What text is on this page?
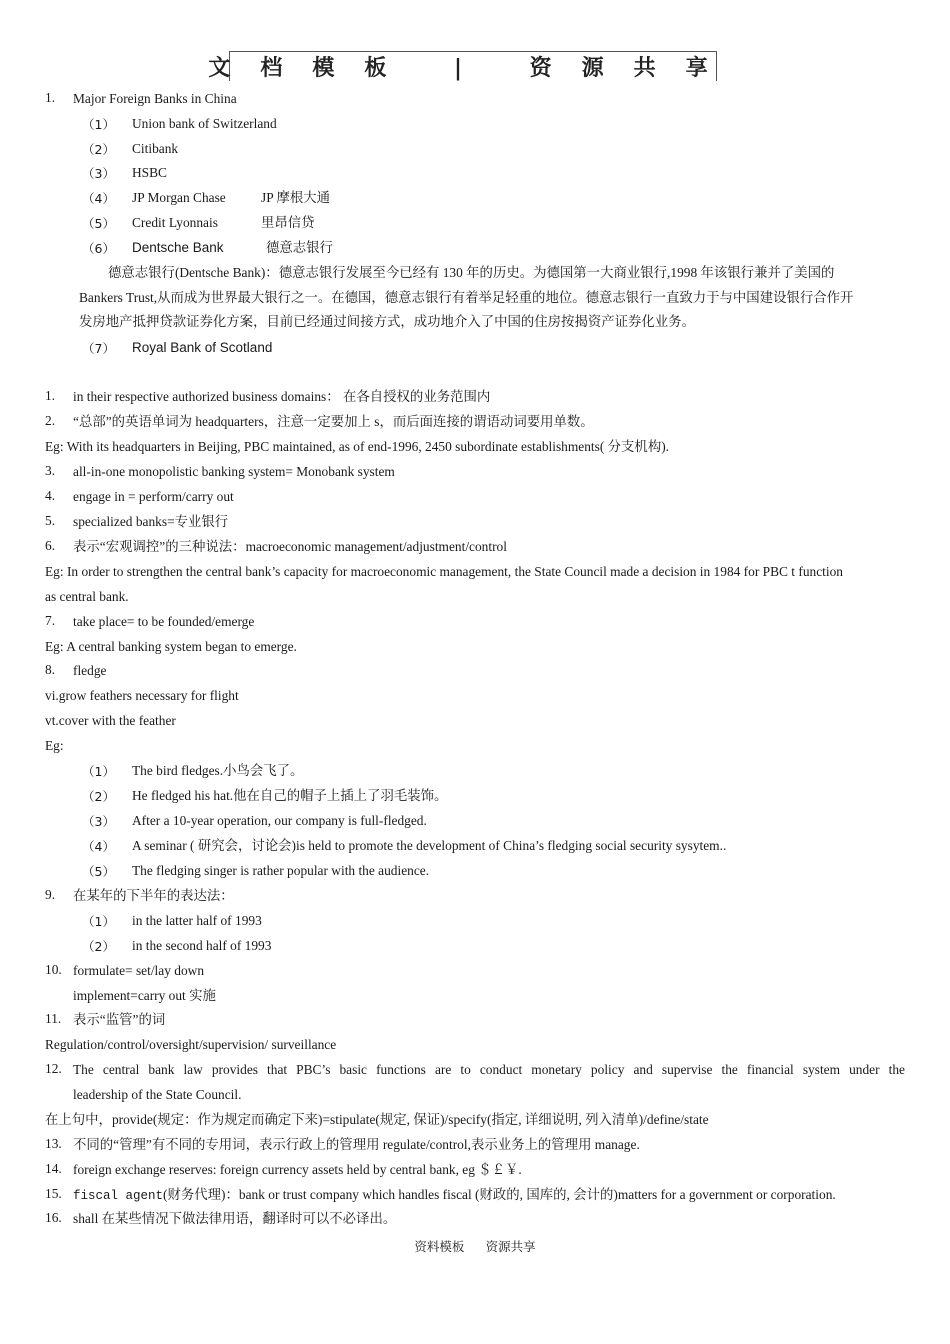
文档模板 | 资源共享
1. Major Foreign Banks in China
（1） Union bank of Switzerland
（2） Citibank
（3） HSBC
（4） JP Morgan Chase	JP 摩根大通
（5） Credit Lyonnais	里昂信贷
（6） Dentsche Bank	德意志银行
德意志银行(Dentsche Bank)：德意志银行发展至今已经有 130 年的历史。为德国第一大商业银行,1998 年该银行兼并了美国的
Bankers Trust,从而成为世界最大银行之一。在德国，德意志银行有着举足轻重的地位。德意志银行一直致力于与中国建设银行合作开
发房地产抵押贷款证券化方案，目前已经通过间接方式，成功地介入了中国的住房按揭资产证券化业务。
（7） Royal Bank of Scotland
1. in their respective authorized business domains： 在各自授权的业务范围内
2. “总部”的英语单词为 headquarters，注意一定要加上 s，而后面连接的谓语动词要用单数。
Eg: With its headquarters in Beijing, PBC maintained, as of end-1996, 2450 subordinate establishments( 分支机构).
3. all-in-one monopolistic banking system= Monobank system
4. engage in = perform/carry out
5. specialized banks=专业银行
6. 表示“宏观调控”的三种说法：macroeconomic management/adjustment/control
Eg: In order to strengthen the central bank’s capacity for macroeconomic management, the State Council made a decision in 1984 for PBC t function
as central bank.
7. take place= to be founded/emerge
Eg: A central banking system began to emerge.
8. fledge
vi.grow feathers necessary for flight
vt.cover with the feather
Eg:
（1） The bird fledges.小鸟会飞了。
（2） He fledged his hat.他在自己的帽子上插上了羽毛装饰。
（3） After a 10-year operation, our company is full-fledged.
（4） A seminar ( 研究会，讨论会)is held to promote the development of China’s fledging social security sysytem..
（5） The fledging singer is rather popular with the audience.
9. 在某年的下半年的表达法：
（1） in the latter half of 1993
（2） in the second half of 1993
10. formulate= set/lay down
implement=carry out 实施
11. 表示“监管”的词
Regulation/control/oversight/supervision/ surveillance
12. The central bank law provides that PBC’s basic functions are to conduct monetary policy and supervise the financial system under the
leadership of the State Council.
在上句中，provide(规定：作为规定而确定下来)=stipulate(规定, 保证)/specify(指定, 详细说明, 列入清单)/define/state
13. 不同的“管理”有不同的专用词，表示行政上的管理用 regulate/control,表示业务上的管理用 manage.
14. foreign exchange reserves: foreign currency assets held by central bank, eg ＄￡￥.
15. fiscal agent(财务代理)：bank or trust company which handles fiscal (财政的, 国库的, 会计的)matters for a government or corporation.
16. shall 在某些情况下做法律用语，翻译时可以不必译出。
资料模板 资源共享
